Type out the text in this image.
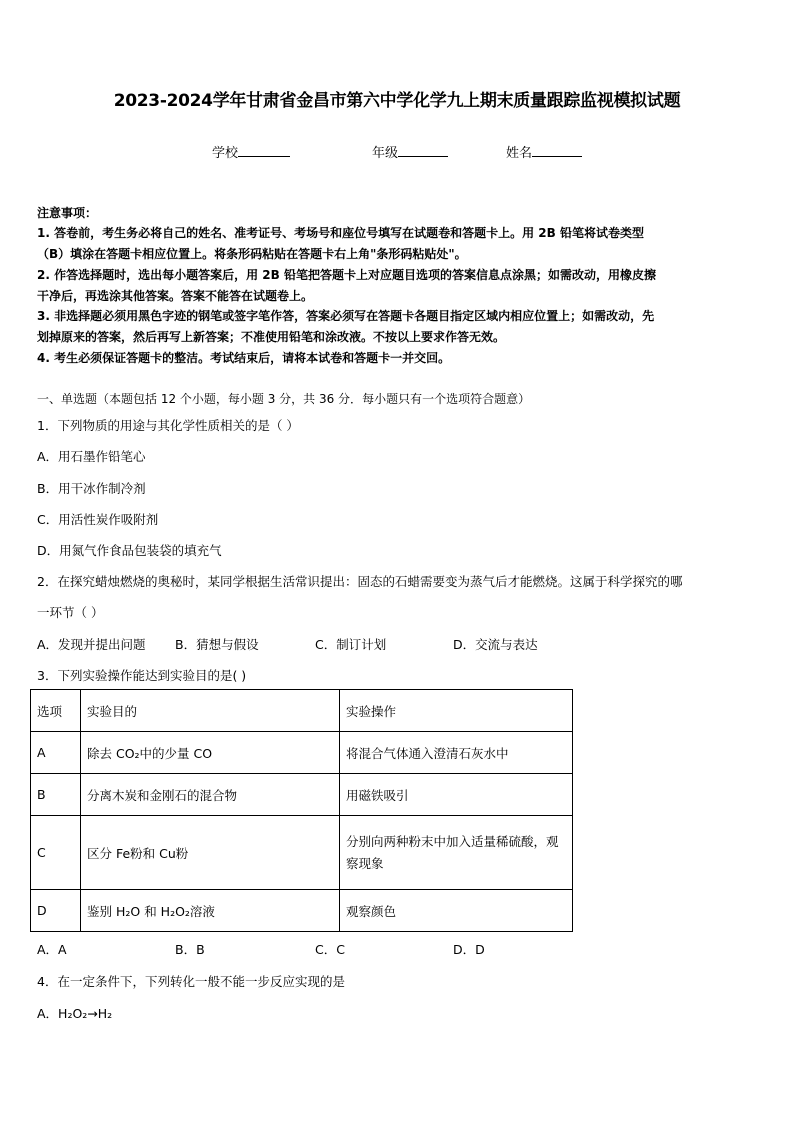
2023-2024学年甘肃省金昌市第六中学化学九上期末质量跟踪监视模拟试题
学校	年级	姓名
注意事项：
1. 答卷前，考生务必将自己的姓名、准考证号、考场号和座位号填写在试题卷和答题卡上。用 2B 铅笔将试卷类型
（B）填涂在答题卡相应位置上。将条形码粘贴在答题卡右上角"条形码粘贴处"。
2. 作答选择题时，选出每小题答案后，用 2B 铅笔把答题卡上对应题目选项的答案信息点涂黑；如需改动，用橡皮擦
干净后，再选涂其他答案。答案不能答在试题卷上。
3. 非选择题必须用黑色字迹的钢笔或签字笔作答，答案必须写在答题卡各题目指定区域内相应位置上；如需改动，先
划掉原来的答案，然后再写上新答案；不准使用铅笔和涂改液。不按以上要求作答无效。
4. 考生必须保证答题卡的整洁。考试结束后，请将本试卷和答题卡一并交回。
一、单选题（本题包括 12 个小题，每小题 3 分，共 36 分．每小题只有一个选项符合题意）
1．下列物质的用途与其化学性质相关的是（ ）
A．用石墨作铅笔心
B．用干冰作制冷剂
C．用活性炭作吸附剂
D．用氮气作食品包装袋的填充气
2．在探究蜡烛燃烧的奥秘时，某同学根据生活常识提出：固态的石蜡需要变为蒸气后才能燃烧。这属于科学探究的哪
一环节（ ）
A．发现并提出问题 B．猜想与假设	C．制订计划	D．交流与表达
3．下列实验操作能达到实验目的是( )
选项	实验目的	实验操作
A	除去 CO₂中的少量 CO	将混合气体通入澄清石灰水中
B	分离木炭和金刚石的混合物	用磁铁吸引
C	区分 Fe粉和 Cu粉	分别向两种粉末中加入适量稀硫酸，观察现象
D	鉴别 H₂O 和 H₂O₂溶液	观察颜色
A．A	B．B	C．C	D．D
4．在一定条件下，下列转化一般不能一步反应实现的是
A．H₂O₂→H₂
